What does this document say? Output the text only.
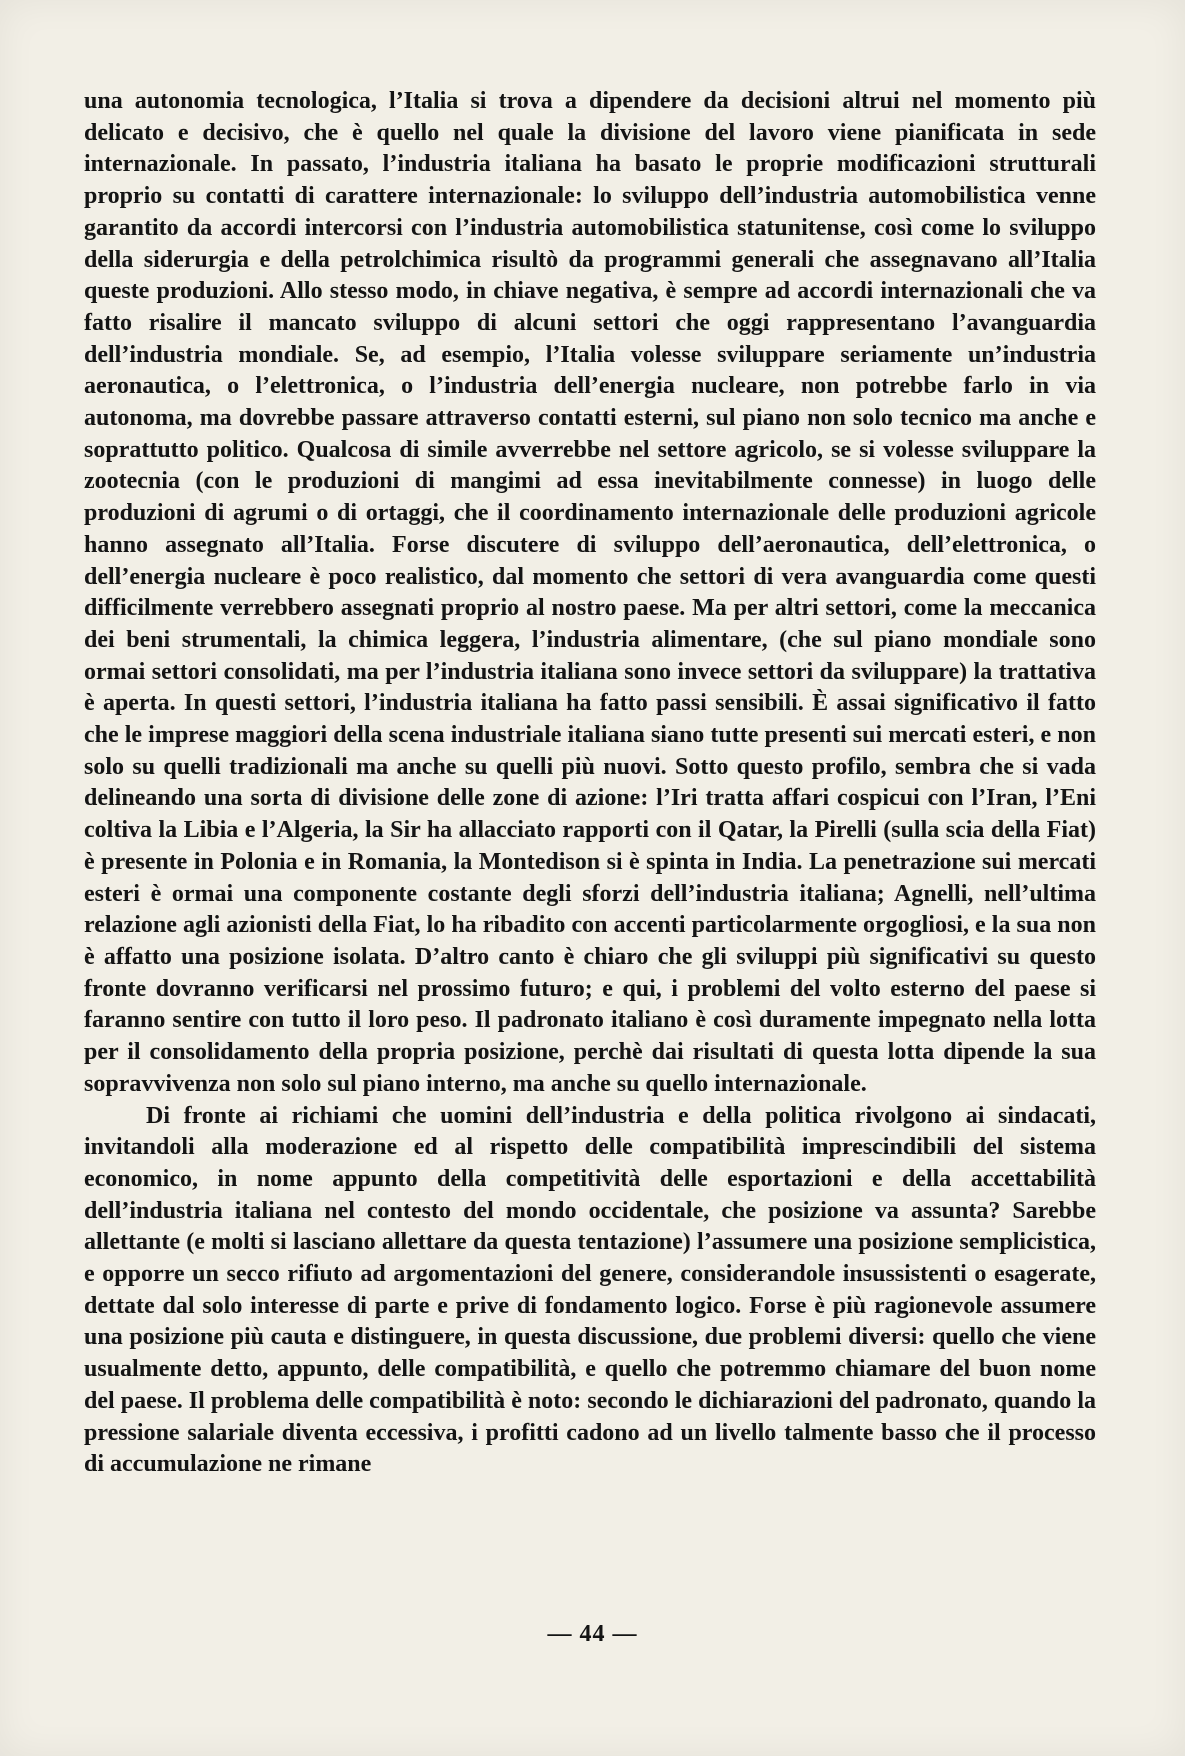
una autonomia tecnologica, l’Italia si trova a dipendere da decisioni altrui nel momento più delicato e decisivo, che è quello nel quale la divisione del lavoro viene pianificata in sede internazionale. In passato, l’industria italiana ha basato le proprie modificazioni strutturali proprio su contatti di carattere internazionale: lo sviluppo dell’industria automobilistica venne garantito da accordi intercorsi con l’industria automobilistica statunitense, così come lo sviluppo della siderurgia e della petrolchimica risultò da programmi generali che assegnavano all’Italia queste produzioni. Allo stesso modo, in chiave negativa, è sempre ad accordi internazionali che va fatto risalire il mancato sviluppo di alcuni settori che oggi rappresentano l’avanguardia dell’industria mondiale. Se, ad esempio, l’Italia volesse sviluppare seriamente un’industria aeronautica, o l’elettronica, o l’industria dell’energia nucleare, non potrebbe farlo in via autonoma, ma dovrebbe passare attraverso contatti esterni, sul piano non solo tecnico ma anche e soprattutto politico. Qualcosa di simile avverrebbe nel settore agricolo, se si volesse sviluppare la zootecnia (con le produzioni di mangimi ad essa inevitabilmente connesse) in luogo delle produzioni di agrumi o di ortaggi, che il coordinamento internazionale delle produzioni agricole hanno assegnato all’Italia. Forse discutere di sviluppo dell’aeronautica, dell’elettronica, o dell’energia nucleare è poco realistico, dal momento che settori di vera avanguardia come questi difficilmente verrebbero assegnati proprio al nostro paese. Ma per altri settori, come la meccanica dei beni strumentali, la chimica leggera, l’industria alimentare, (che sul piano mondiale sono ormai settori consolidati, ma per l’industria italiana sono invece settori da sviluppare) la trattativa è aperta. In questi settori, l’industria italiana ha fatto passi sensibili. È assai significativo il fatto che le imprese maggiori della scena industriale italiana siano tutte presenti sui mercati esteri, e non solo su quelli tradizionali ma anche su quelli più nuovi. Sotto questo profilo, sembra che si vada delineando una sorta di divisione delle zone di azione: l’Iri tratta affari cospicui con l’Iran, l’Eni coltiva la Libia e l’Algeria, la Sir ha allacciato rapporti con il Qatar, la Pirelli (sulla scia della Fiat) è presente in Polonia e in Romania, la Montedison si è spinta in India. La penetrazione sui mercati esteri è ormai una componente costante degli sforzi dell’industria italiana; Agnelli, nell’ultima relazione agli azionisti della Fiat, lo ha ribadito con accenti particolarmente orgogliosi, e la sua non è affatto una posizione isolata. D’altro canto è chiaro che gli sviluppi più significativi su questo fronte dovranno verificarsi nel prossimo futuro; e qui, i problemi del volto esterno del paese si faranno sentire con tutto il loro peso. Il padronato italiano è così duramente impegnato nella lotta per il consolidamento della propria posizione, perchè dai risultati di questa lotta dipende la sua sopravvivenza non solo sul piano interno, ma anche su quello internazionale.

Di fronte ai richiami che uomini dell’industria e della politica rivolgono ai sindacati, invitandoli alla moderazione ed al rispetto delle compatibilità imprescindibili del sistema economico, in nome appunto della competitività delle esportazioni e della accettabilità dell’industria italiana nel contesto del mondo occidentale, che posizione va assunta? Sarebbe allettante (e molti si lasciano allettare da questa tentazione) l’assumere una posizione semplicistica, e opporre un secco rifiuto ad argomentazioni del genere, considerandole insussistenti o esagerate, dettate dal solo interesse di parte e prive di fondamento logico. Forse è più ragionevole assumere una posizione più cauta e distinguere, in questa discussione, due problemi diversi: quello che viene usualmente detto, appunto, delle compatibilità, e quello che potremmo chiamare del buon nome del paese. Il problema delle compatibilità è noto: secondo le dichiarazioni del padronato, quando la pressione salariale diventa eccessiva, i profitti cadono ad un livello talmente basso che il processo di accumulazione ne rimane

— 44 —
